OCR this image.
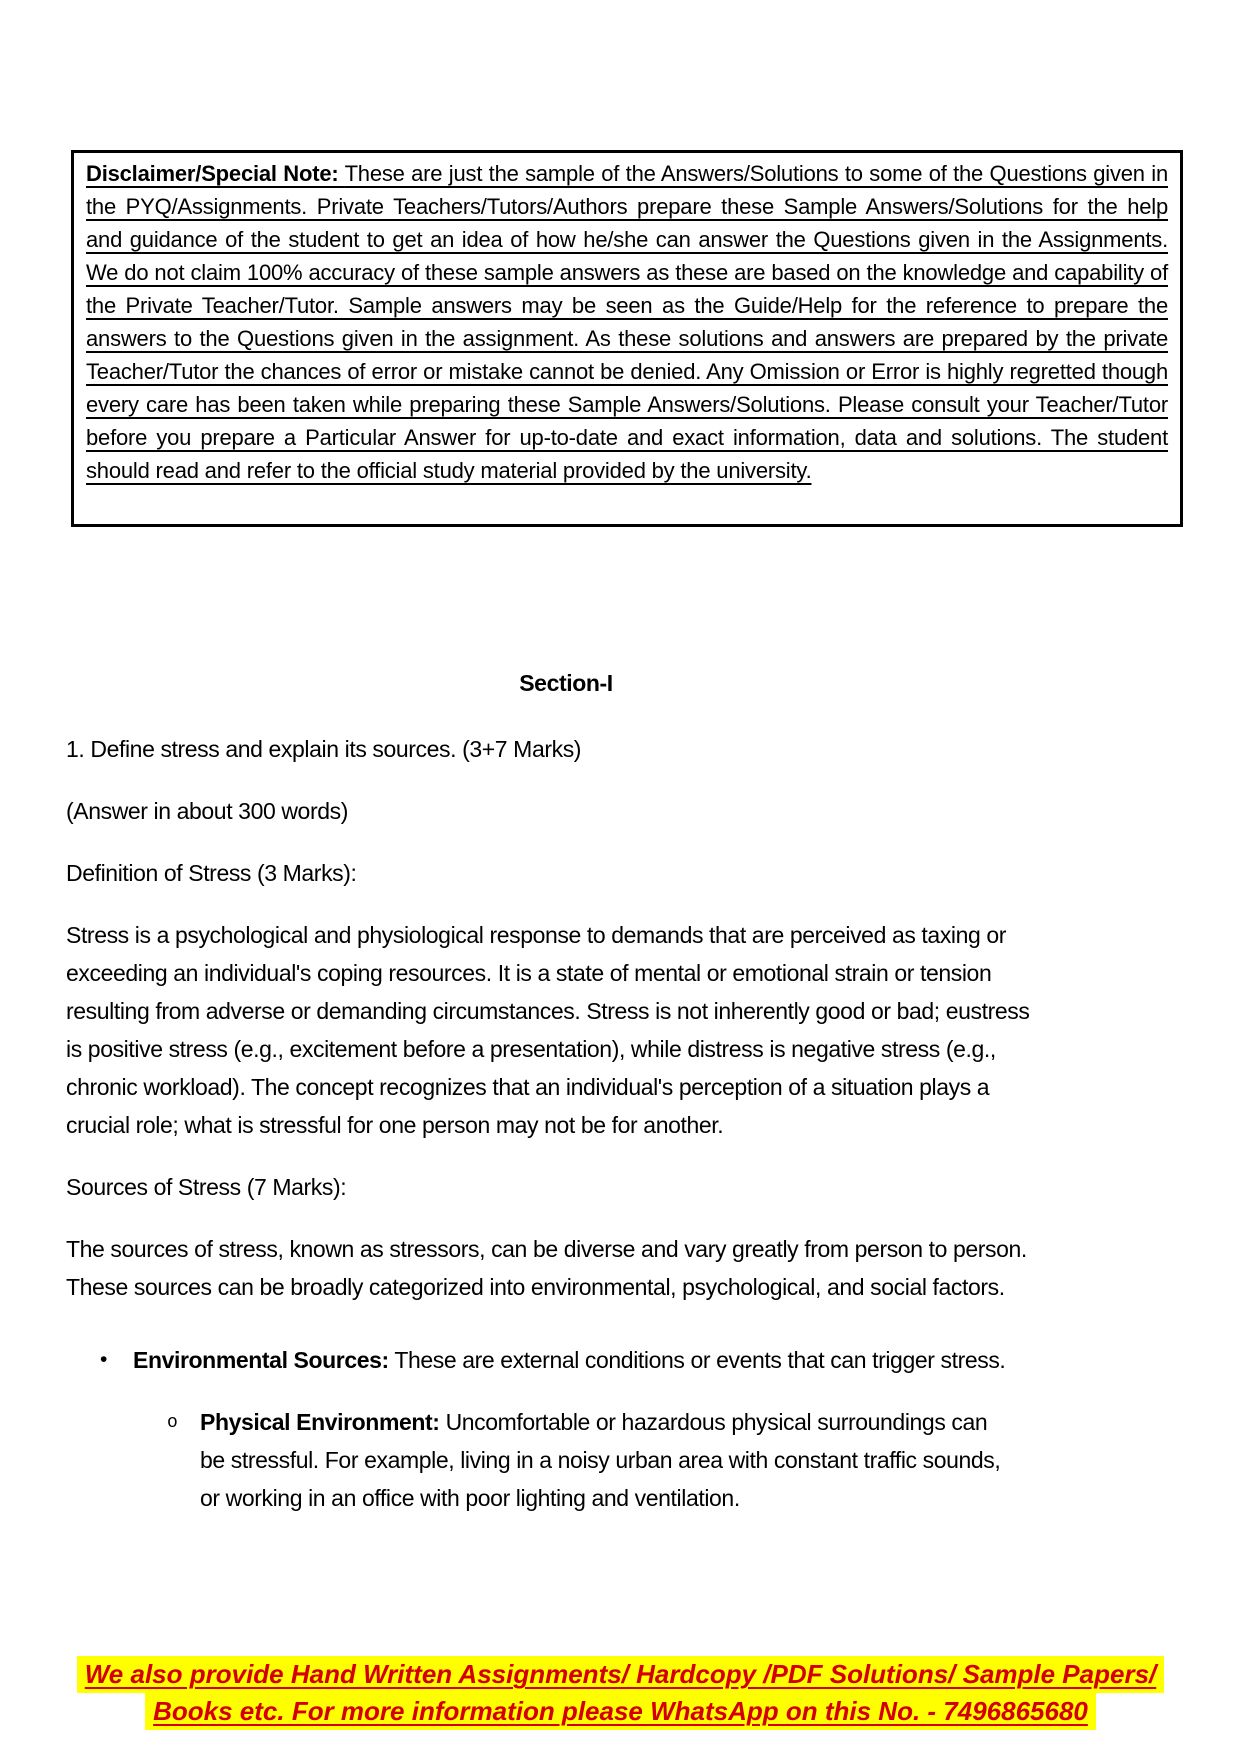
Disclaimer/Special Note: These are just the sample of the Answers/Solutions to some of the Questions given in the PYQ/Assignments. Private Teachers/Tutors/Authors prepare these Sample Answers/Solutions for the help and guidance of the student to get an idea of how he/she can answer the Questions given in the Assignments. We do not claim 100% accuracy of these sample answers as these are based on the knowledge and capability of the Private Teacher/Tutor. Sample answers may be seen as the Guide/Help for the reference to prepare the answers to the Questions given in the assignment. As these solutions and answers are prepared by the private Teacher/Tutor the chances of error or mistake cannot be denied. Any Omission or Error is highly regretted though every care has been taken while preparing these Sample Answers/Solutions. Please consult your Teacher/Tutor before you prepare a Particular Answer for up-to-date and exact information, data and solutions. The student should read and refer to the official study material provided by the university.

Section-I

1. Define stress and explain its sources. (3+7 Marks)

(Answer in about 300 words)

Definition of Stress (3 Marks):

Stress is a psychological and physiological response to demands that are perceived as taxing or exceeding an individual's coping resources. It is a state of mental or emotional strain or tension resulting from adverse or demanding circumstances. Stress is not inherently good or bad; eustress is positive stress (e.g., excitement before a presentation), while distress is negative stress (e.g., chronic workload). The concept recognizes that an individual's perception of a situation plays a crucial role; what is stressful for one person may not be for another.

Sources of Stress (7 Marks):

The sources of stress, known as stressors, can be diverse and vary greatly from person to person. These sources can be broadly categorized into environmental, psychological, and social factors.

• Environmental Sources: These are external conditions or events that can trigger stress.

o Physical Environment: Uncomfortable or hazardous physical surroundings can be stressful. For example, living in a noisy urban area with constant traffic sounds, or working in an office with poor lighting and ventilation.

We also provide Hand Written Assignments/ Hardcopy /PDF Solutions/ Sample Papers/
Books etc. For more information please WhatsApp on this No. - 7496865680
